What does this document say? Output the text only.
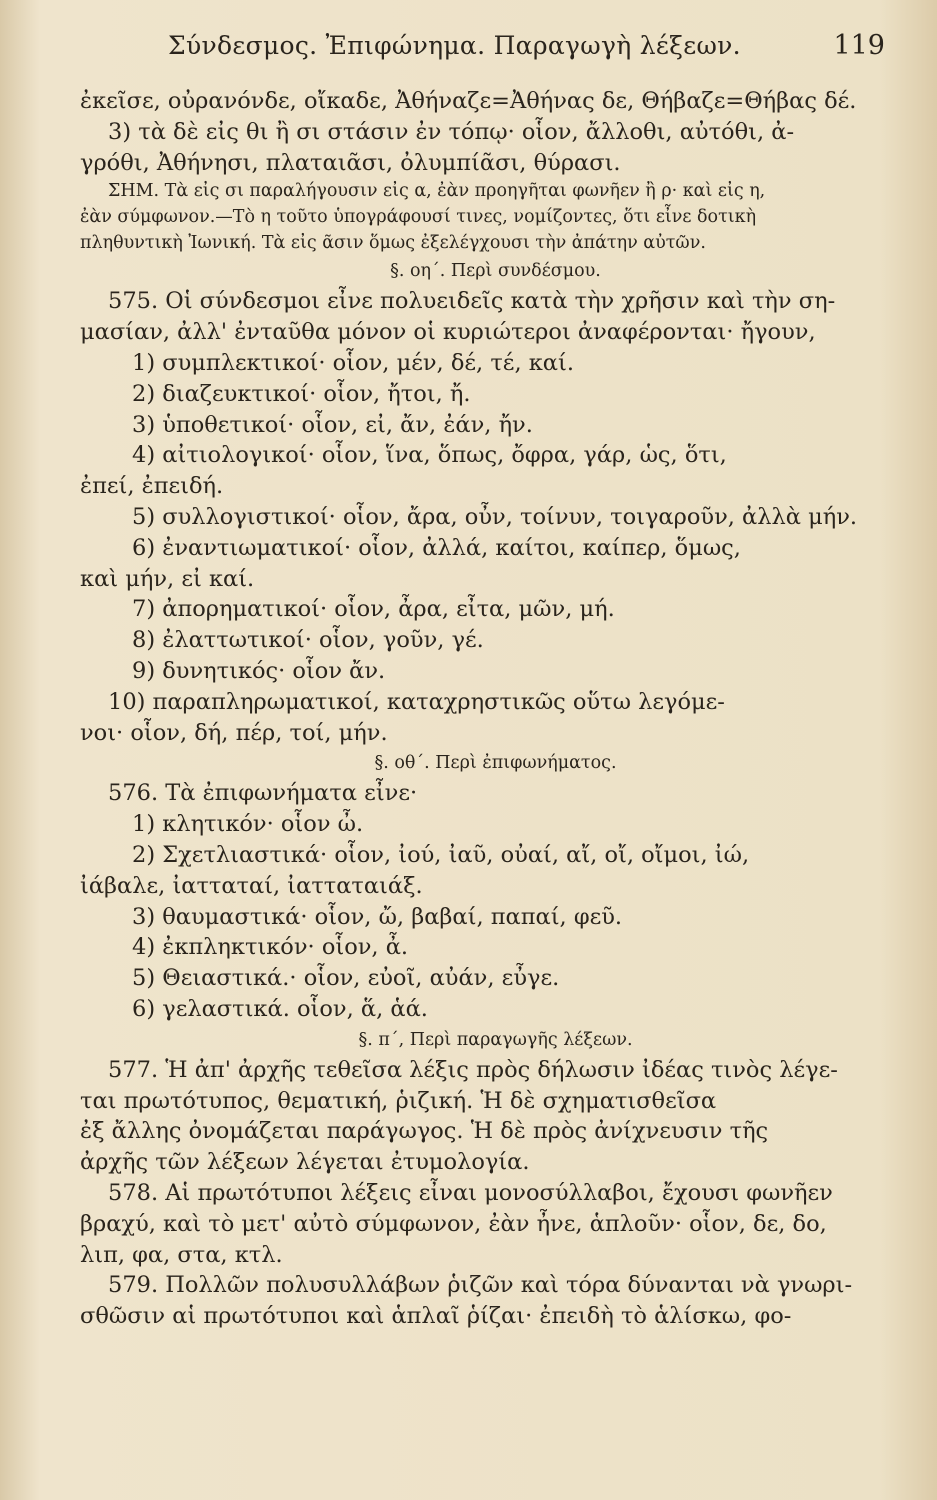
Σύνδεσμος. Ἐπιφώνημα. Παραγωγὴ λέξεων.	119
ἐκεῖσε, οὐρανόνδε, οἴκαδε, Ἀθήναζε=Ἀθήνας δε, Θήβαζε=Θήβας δέ.
3) τὰ δὲ εἰς θι ἢ σι στάσιν ἐν τόπῳ· οἷον, ἄλλοθι, αὐτόθι, ἀ-
γρόθι, Ἀθήνησι, πλαταιᾶσι, ὀλυμπίᾶσι, θύρασι.
ΣΗΜ. Τὰ εἰς σι παραλήγουσιν εἰς α, ἐὰν προηγῆται φωνῆεν ἢ ρ· καὶ εἰς η,
ἐὰν σύμφωνον.—Τὸ η τοῦτο ὑπογράφουσί τινες, νομίζοντες, ὅτι εἶνε δοτικὴ
πληθυντικὴ Ἰωνική. Τὰ εἰς ᾶσιν ὅμως ἐξελέγχουσι τὴν ἀπάτην αὐτῶν.
§. οη΄. Περὶ συνδέσμου.
575. Οἱ σύνδεσμοι εἶνε πολυειδεῖς κατὰ τὴν χρῆσιν καὶ τὴν ση-
μασίαν, ἀλλ' ἐνταῦθα μόνον οἱ κυριώτεροι ἀναφέρονται· ἤγουν,
1) συμπλεκτικοί· οἷον, μέν, δέ, τέ, καί.
2) διαζευκτικοί· οἷον, ἤτοι, ἤ.
3) ὑποθετικοί· οἷον, εἰ, ἄν, ἐάν, ἤν.
4) αἰτιολογικοί· οἷον, ἵνα, ὅπως, ὄφρα, γάρ, ὡς, ὅτι,
ἐπεί, ἐπειδή.
5) συλλογιστικοί· οἷον, ἄρα, οὖν, τοίνυν, τοιγαροῦν, ἀλλὰ μήν.
6) ἐναντιωματικοί· οἷον, ἀλλά, καίτοι, καίπερ, ὅμως,
καὶ μήν, εἰ καί.
7) ἀπορηματικοί· οἷον, ἆρα, εἶτα, μῶν, μή.
8) ἐλαττωτικοί· οἷον, γοῦν, γέ.
9) δυνητικός· οἷον ἄν.
10) παραπληρωματικοί, καταχρηστικῶς οὕτω λεγόμε-
νοι· οἷον, δή, πέρ, τοί, μήν.
§. οθ΄. Περὶ ἐπιφωνήματος.
576. Τὰ ἐπιφωνήματα εἶνε·
1) κλητικόν· οἷον ὦ.
2) Σχετλιαστικά· οἷον, ἰού, ἰαῦ, οὐαί, αἴ, οἴ, οἴμοι, ἰώ,
ἰάβαλε, ἰατταταί, ἰατταταιάξ.
3) θαυμαστικά· οἷον, ὤ, βαβαί, παπαί, φεῦ.
4) ἐκπληκτικόν· οἷον, ἆ.
5) Θειαστικά.· οἷον, εὐοῖ, αὐάν, εὖγε.
6) γελαστικά. οἷον, ἅ, ἁά.
§. π΄, Περὶ παραγωγῆς λέξεων.
577. Ἡ ἀπ' ἀρχῆς τεθεῖσα λέξις πρὸς δήλωσιν ἰδέας τινὸς λέγε-
ται πρωτότυπος, θεματική, ῥιζική. Ἡ δὲ σχηματισθεῖσα
ἐξ ἄλλης ὀνομάζεται παράγωγος. Ἡ δὲ πρὸς ἀνίχνευσιν τῆς
ἀρχῆς τῶν λέξεων λέγεται ἐτυμολογία.
578. Αἱ πρωτότυποι λέξεις εἶναι μονοσύλλαβοι, ἔχουσι φωνῆεν
βραχύ, καὶ τὸ μετ' αὐτὸ σύμφωνον, ἐὰν ἦνε, ἁπλοῦν· οἷον, δε, δο,
λιπ, φα, στα, κτλ.
579. Πολλῶν πολυσυλλάβων ῥιζῶν καὶ τόρα δύνανται νὰ γνωρι-
σθῶσιν αἱ πρωτότυποι καὶ ἁπλαῖ ῥίζαι· ἐπειδὴ τὸ ἁλίσκω, φο-
